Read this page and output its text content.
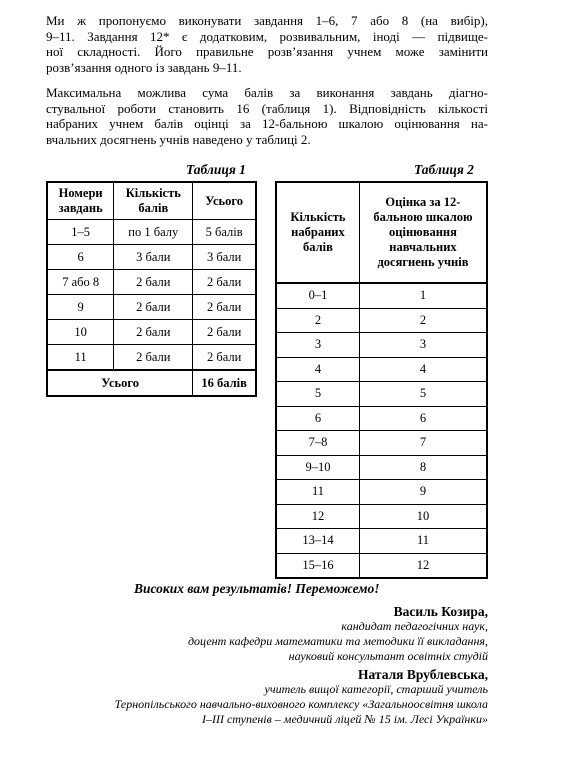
Ми ж пропонуємо виконувати завдання 1–6, 7 або 8 (на вибір),
9–11. Завдання 12* є додатковим, розвивальним, іноді — підвище-
ної складності. Його правильне розв’язання учнем може замінити
розв’язання одного із завдань 9–11.

Максимальна можлива сума балів за виконання завдань діагно-
стувальної роботи становить 16 (таблиця 1). Відповідність кількості
набраних учнем балів оцінці за 12-бальною шкалою оцінювання на-
вчальних досягнень учнів наведено у таблиці 2.

Таблиця 1	Таблиця 2

Номери завдань	Кількість балів	Усього
1–5	по 1 балу	5 балів
6	3 бали	3 бали
7 або 8	2 бали	2 бали
9	2 бали	2 бали
10	2 бали	2 бали
11	2 бали	2 бали
Усього		16 балів
Кількість набраних балів	Оцінка за 12-бальною шкалою оцінювання навчальних досягнень учнів
0–1	1
2	2
3	3
4	4
5	5
6	6
7–8	7
9–10	8
11	9
12	10
13–14	11
15–16	12

Високих вам результатів! Переможемо!

Василь Козира,
кандидат педагогічних наук,
доцент кафедри математики та методики її викладання,
науковий консультант освітніх студій
Наталя Врублевська,
учитель вищої категорії, старший учитель
Тернопільського навчально-виховного комплексу «Загальноосвітня школа
І–ІІІ ступенів – медичний ліцей № 15 ім. Лесі Українки»
